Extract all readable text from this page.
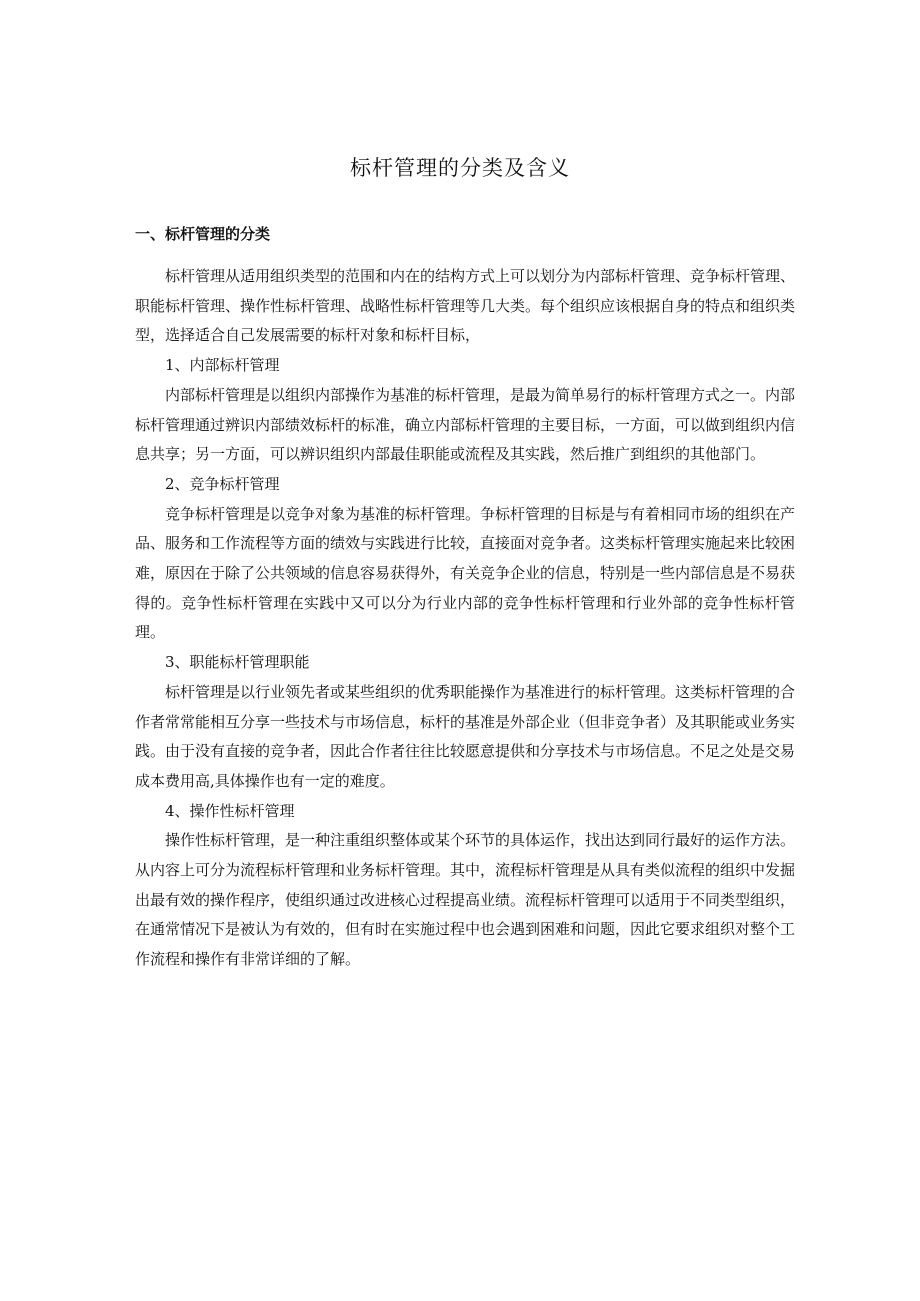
标杆管理的分类及含义
一、标杆管理的分类

标杆管理从适用组织类型的范围和内在的结构方式上可以划分为内部标杆管理、竞争标杆管理、职能标杆管理、操作性标杆管理、战略性标杆管理等几大类。每个组织应该根据自身的特点和组织类型，选择适合自己发展需要的标杆对象和标杆目标，

1、内部标杆管理

内部标杆管理是以组织内部操作为基准的标杆管理，是最为简单易行的标杆管理方式之一。内部标杆管理通过辨识内部绩效标杆的标准，确立内部标杆管理的主要目标，一方面，可以做到组织内信息共享；另一方面，可以辨识组织内部最佳职能或流程及其实践，然后推广到组织的其他部门。

2、竞争标杆管理

竞争标杆管理是以竞争对象为基准的标杆管理。争标杆管理的目标是与有着相同市场的组织在产品、服务和工作流程等方面的绩效与实践进行比较，直接面对竞争者。这类标杆管理实施起来比较困难，原因在于除了公共领域的信息容易获得外，有关竞争企业的信息，特别是一些内部信息是不易获得的。竞争性标杆管理在实践中又可以分为行业内部的竞争性标杆管理和行业外部的竞争性标杆管理。

3、职能标杆管理职能

标杆管理是以行业领先者或某些组织的优秀职能操作为基准进行的标杆管理。这类标杆管理的合作者常常能相互分享一些技术与市场信息，标杆的基准是外部企业（但非竞争者）及其职能或业务实践。由于没有直接的竞争者，因此合作者往往比较愿意提供和分享技术与市场信息。不足之处是交易成本费用高,具体操作也有一定的难度。

4、操作性标杆管理

操作性标杆管理，是一种注重组织整体或某个环节的具体运作，找出达到同行最好的运作方法。从内容上可分为流程标杆管理和业务标杆管理。其中，流程标杆管理是从具有类似流程的组织中发掘出最有效的操作程序，使组织通过改进核心过程提高业绩。流程标杆管理可以适用于不同类型组织，在通常情况下是被认为有效的，但有时在实施过程中也会遇到困难和问题，因此它要求组织对整个工作流程和操作有非常详细的了解。
